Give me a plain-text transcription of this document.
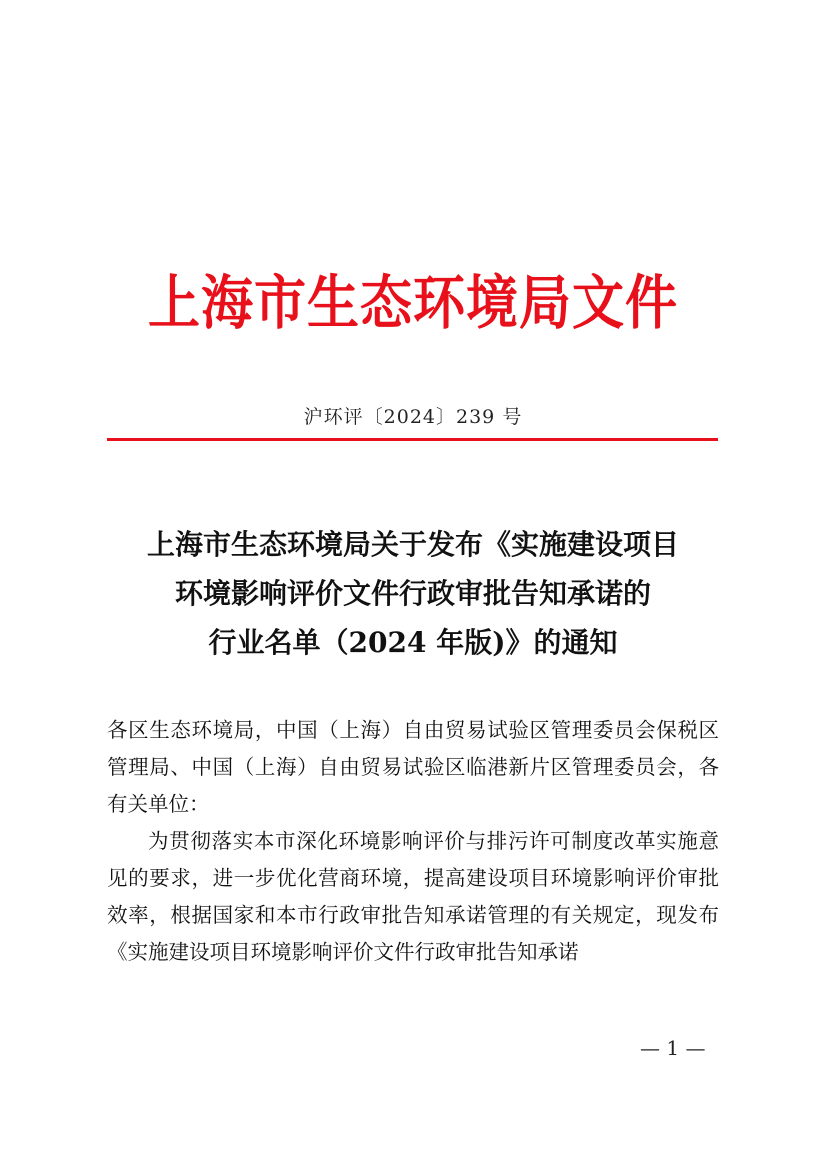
上海市生态环境局文件
沪环评〔2024〕239 号
上海市生态环境局关于发布《实施建设项目
环境影响评价文件行政审批告知承诺的
行业名单（2024 年版)》的通知

各区生态环境局，中国（上海）自由贸易试验区管理委员会保税区管理局、中国（上海）自由贸易试验区临港新片区管理委员会，各有关单位：

为贯彻落实本市深化环境影响评价与排污许可制度改革实施意见的要求，进一步优化营商环境，提高建设项目环境影响评价审批效率，根据国家和本市行政审批告知承诺管理的有关规定，现发布《实施建设项目环境影响评价文件行政审批告知承诺

— 1 —
